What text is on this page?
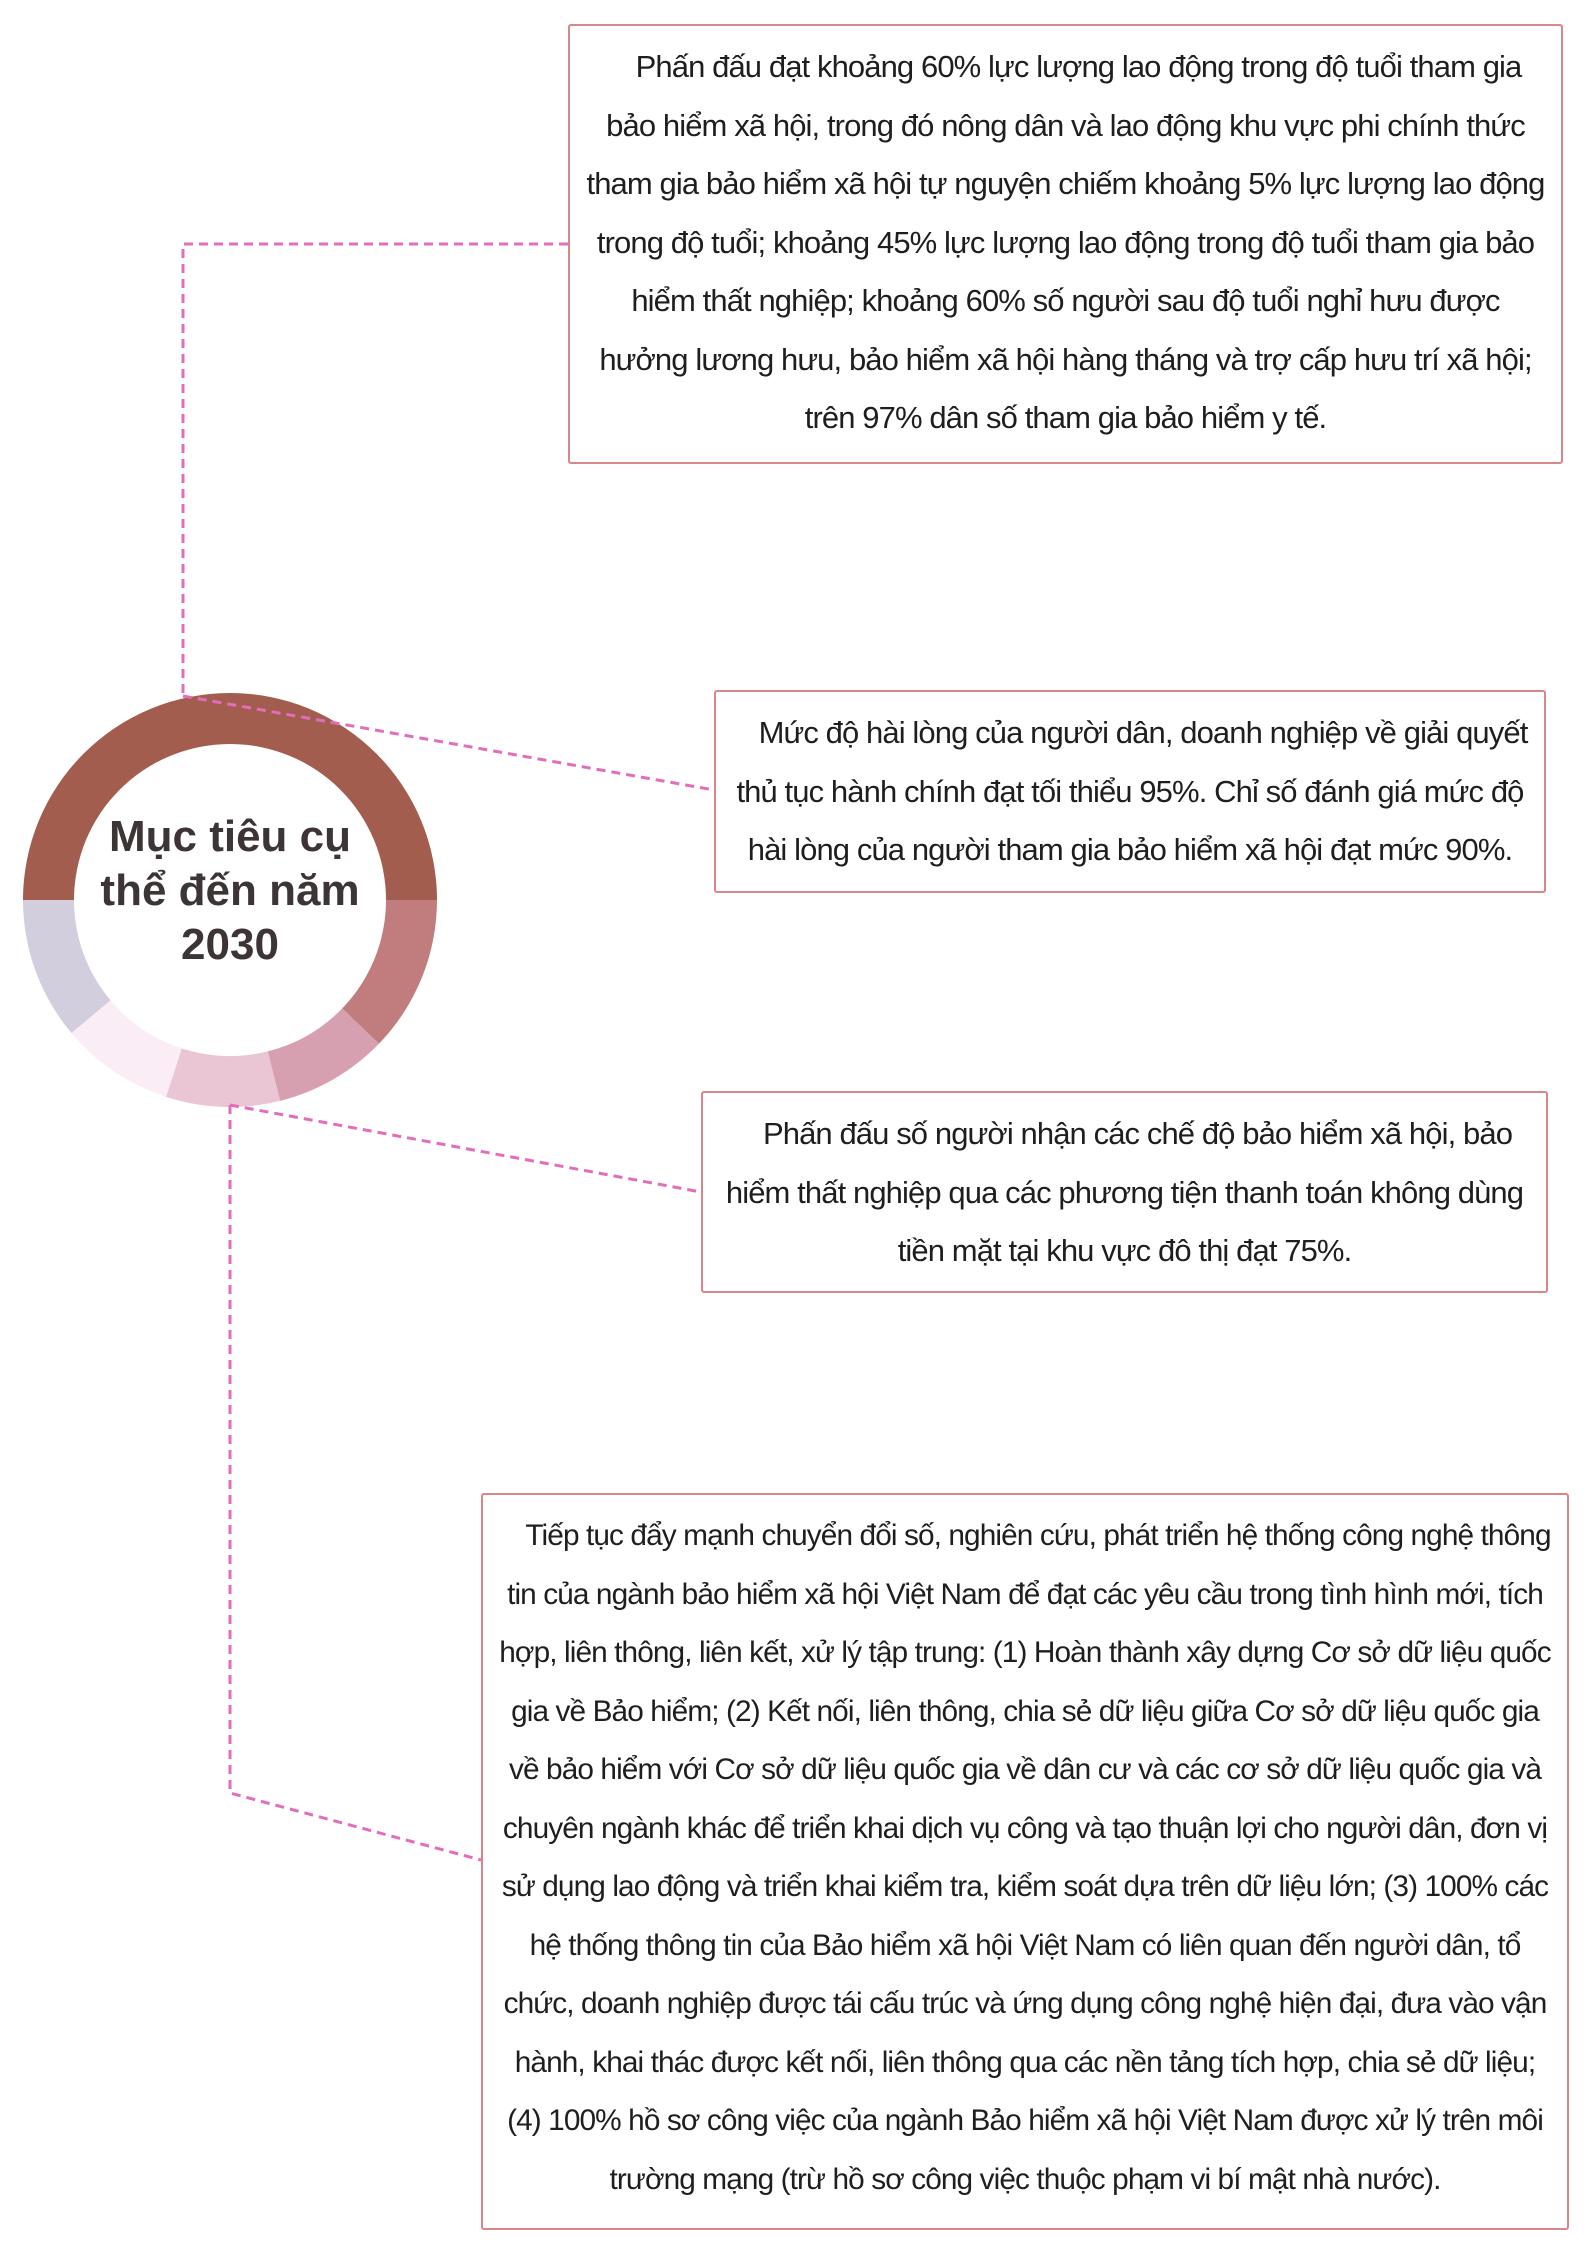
Mục tiêu cụ thể đến năm 2030
Phấn đấu đạt khoảng 60% lực lượng lao động trong độ tuổi tham gia bảo hiểm xã hội, trong đó nông dân và lao động khu vực phi chính thức tham gia bảo hiểm xã hội tự nguyện chiếm khoảng 5% lực lượng lao động trong độ tuổi; khoảng 45% lực lượng lao động trong độ tuổi tham gia bảo hiểm thất nghiệp; khoảng 60% số người sau độ tuổi nghỉ hưu được hưởng lương hưu, bảo hiểm xã hội hàng tháng và trợ cấp hưu trí xã hội; trên 97% dân số tham gia bảo hiểm y tế.
Mức độ hài lòng của người dân, doanh nghiệp về giải quyết thủ tục hành chính đạt tối thiểu 95%. Chỉ số đánh giá mức độ hài lòng của người tham gia bảo hiểm xã hội đạt mức 90%.
Phấn đấu số người nhận các chế độ bảo hiểm xã hội, bảo hiểm thất nghiệp qua các phương tiện thanh toán không dùng tiền mặt tại khu vực đô thị đạt 75%.
Tiếp tục đẩy mạnh chuyển đổi số, nghiên cứu, phát triển hệ thống công nghệ thông tin của ngành bảo hiểm xã hội Việt Nam để đạt các yêu cầu trong tình hình mới, tích hợp, liên thông, liên kết, xử lý tập trung: (1) Hoàn thành xây dựng Cơ sở dữ liệu quốc gia về Bảo hiểm; (2) Kết nối, liên thông, chia sẻ dữ liệu giữa Cơ sở dữ liệu quốc gia về bảo hiểm với Cơ sở dữ liệu quốc gia về dân cư và các cơ sở dữ liệu quốc gia và chuyên ngành khác để triển khai dịch vụ công và tạo thuận lợi cho người dân, đơn vị sử dụng lao động và triển khai kiểm tra, kiểm soát dựa trên dữ liệu lớn; (3) 100% các hệ thống thông tin của Bảo hiểm xã hội Việt Nam có liên quan đến người dân, tổ chức, doanh nghiệp được tái cấu trúc và ứng dụng công nghệ hiện đại, đưa vào vận hành, khai thác được kết nối, liên thông qua các nền tảng tích hợp, chia sẻ dữ liệu; (4) 100% hồ sơ công việc của ngành Bảo hiểm xã hội Việt Nam được xử lý trên môi trường mạng (trừ hồ sơ công việc thuộc phạm vi bí mật nhà nước).
